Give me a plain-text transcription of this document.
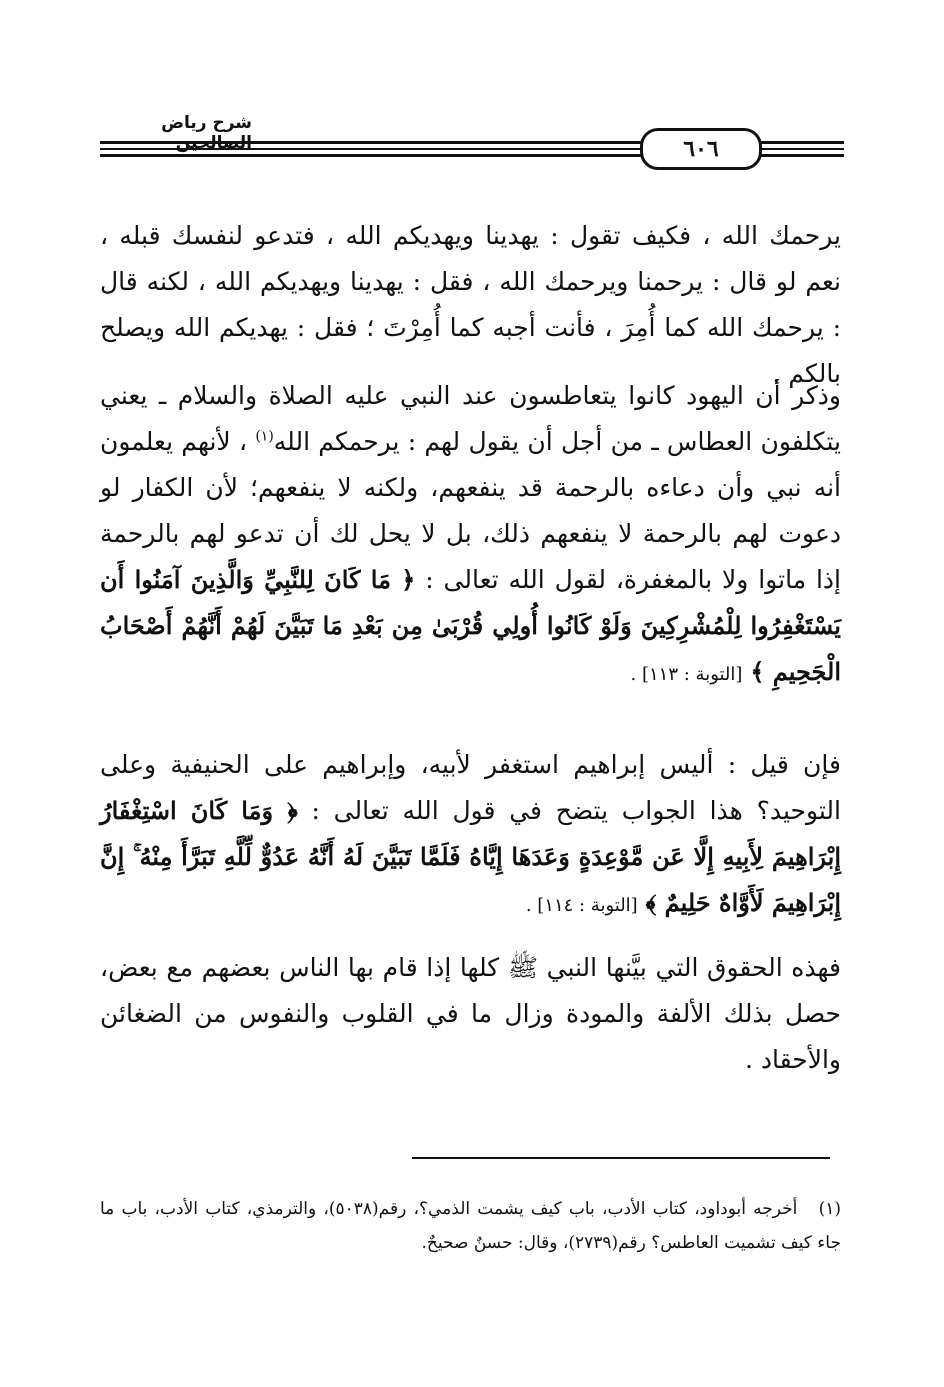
شرح رياض
٦٠٦
يرحمك الله ، فكيف تقول : يهدينا ويهديكم الله ، فتدعو لنفسك قبله ، نعم لو قال : يرحمنا ويرحمك الله ، فقل : يهدينا ويهديكم الله ، لكنه قال : يرحمك الله كما أُمِرَ ، فأنت أجبه كما أُمِرْتَ ؛ فقل : يهديكم الله ويصلح بالكم .
وذكر أن اليهود كانوا يتعاطسون عند النبي عليه الصلاة والسلام ـ يعني يتكلفون العطاس ـ من أجل أن يقول لهم : يرحمكم الله$^{(١)}$ ، لأنهم يعلمون أنه نبي وأن دعاءه بالرحمة قد ينفعهم، ولكنه لا ينفعهم؛ لأن الكفار لو دعوت لهم بالرحمة لا ينفعهم ذلك، بل لا يحل لك أن تدعو لهم بالرحمة إذا ماتوا ولا بالمغفرة، لقول الله تعالى : ﴿ مَا كَانَ لِلنَّبِيِّ وَالَّذِينَ آمَنُوا أَن يَسْتَغْفِرُوا لِلْمُشْرِكِينَ وَلَوْ كَانُوا أُولِي قُرْبَىٰ مِن بَعْدِ مَا تَبَيَّنَ لَهُمْ أَنَّهُمْ أَصْحَابُ الْجَحِيمِ ﴾ [التوبة : ١١٣] .
فإن قيل : أليس إبراهيم استغفر لأبيه، وإبراهيم على الحنيفية وعلى التوحيد؟ هذا الجواب يتضح في قول الله تعالى : ﴿ وَمَا كَانَ اسْتِغْفَارُ إِبْرَاهِيمَ لِأَبِيهِ إِلَّا عَن مَّوْعِدَةٍ وَعَدَهَا إِيَّاهُ فَلَمَّا تَبَيَّنَ لَهُ أَنَّهُ عَدُوٌّ لِّلَّهِ تَبَرَّأَ مِنْهُ ۚ إِنَّ إِبْرَاهِيمَ لَأَوَّاهٌ حَلِيمٌ ﴾ [التوبة : ١١٤] .
فهذه الحقوق التي بيَّنها النبي ﷺ كلها إذا قام بها الناس بعضهم مع بعض، حصل بذلك الألفة والمودة وزال ما في القلوب والنفوس من الضغائن والأحقاد .
(١) أخرجه أبوداود، كتاب الأدب، باب كيف يشمت الذمي؟، رقم(٥٠٣٨)، والترمذي، كتاب الأدب، باب ما جاء كيف تشميت العاطس؟ رقم(٢٧٣٩)، وقال: حسنٌ صحيحٌ.
